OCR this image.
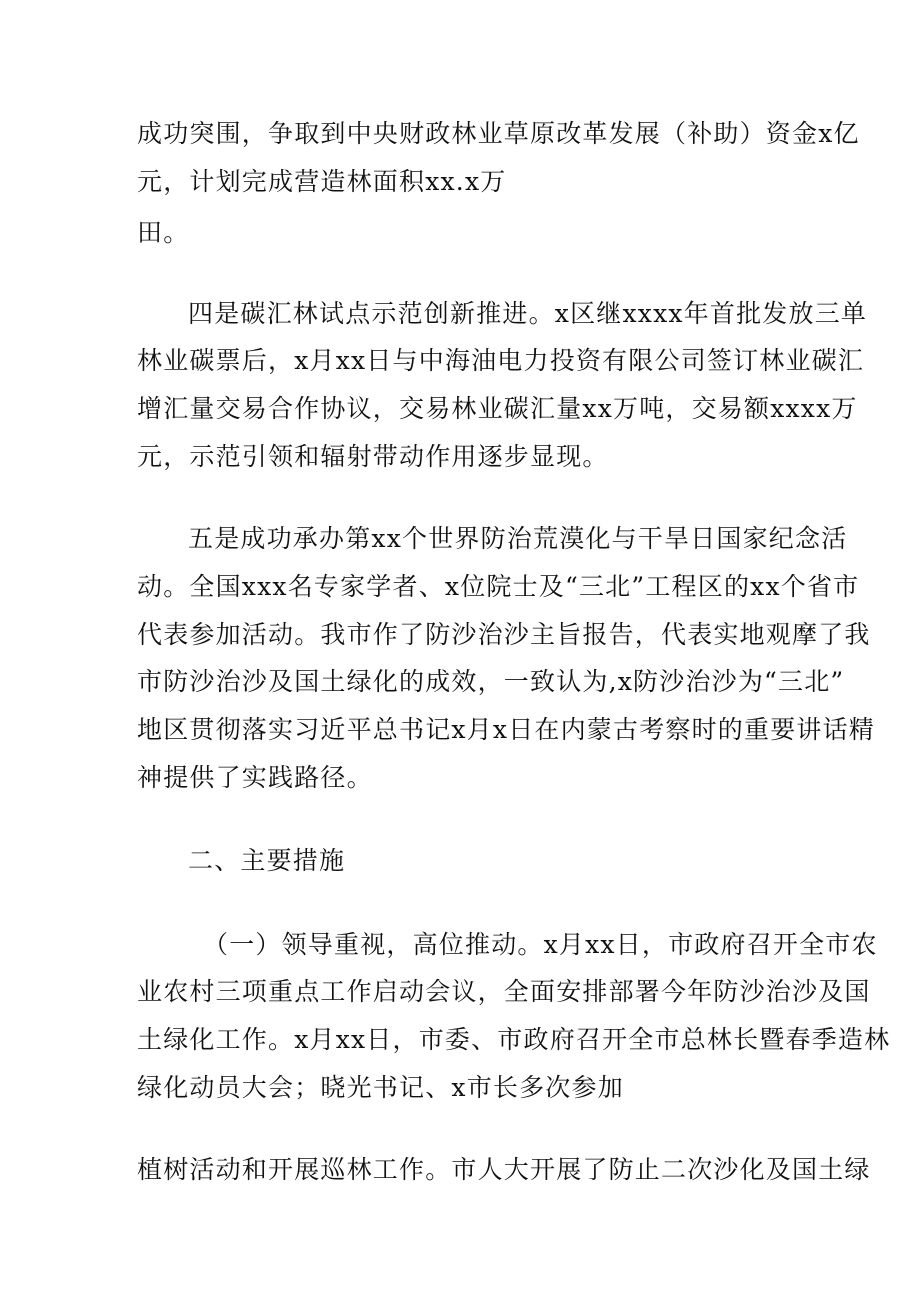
成功突围，争取到中央财政林业草原改革发展（补助）资金x亿
元，计划完成营造林面积xx.x万
田。
四是碳汇林试点示范创新推进。x区继xxxx年首批发放三单
林业碳票后，x月xx日与中海油电力投资有限公司签订林业碳汇
增汇量交易合作协议，交易林业碳汇量xx万吨，交易额xxxx万
元，示范引领和辐射带动作用逐步显现。
五是成功承办第xx个世界防治荒漠化与干旱日国家纪念活
动。全国xxx名专家学者、x位院士及“三北”工程区的xx个省市
代表参加活动。我市作了防沙治沙主旨报告，代表实地观摩了我
市防沙治沙及国土绿化的成效，一致认为,x防沙治沙为“三北”
地区贯彻落实习近平总书记x月x日在内蒙古考察时的重要讲话精
神提供了实践路径。
二、主要措施
（一）领导重视，高位推动。x月xx日，市政府召开全市农
业农村三项重点工作启动会议，全面安排部署今年防沙治沙及国
土绿化工作。x月xx日，市委、市政府召开全市总林长暨春季造林
绿化动员大会；晓光书记、x市长多次参加
植树活动和开展巡林工作。市人大开展了防止二次沙化及国土绿
